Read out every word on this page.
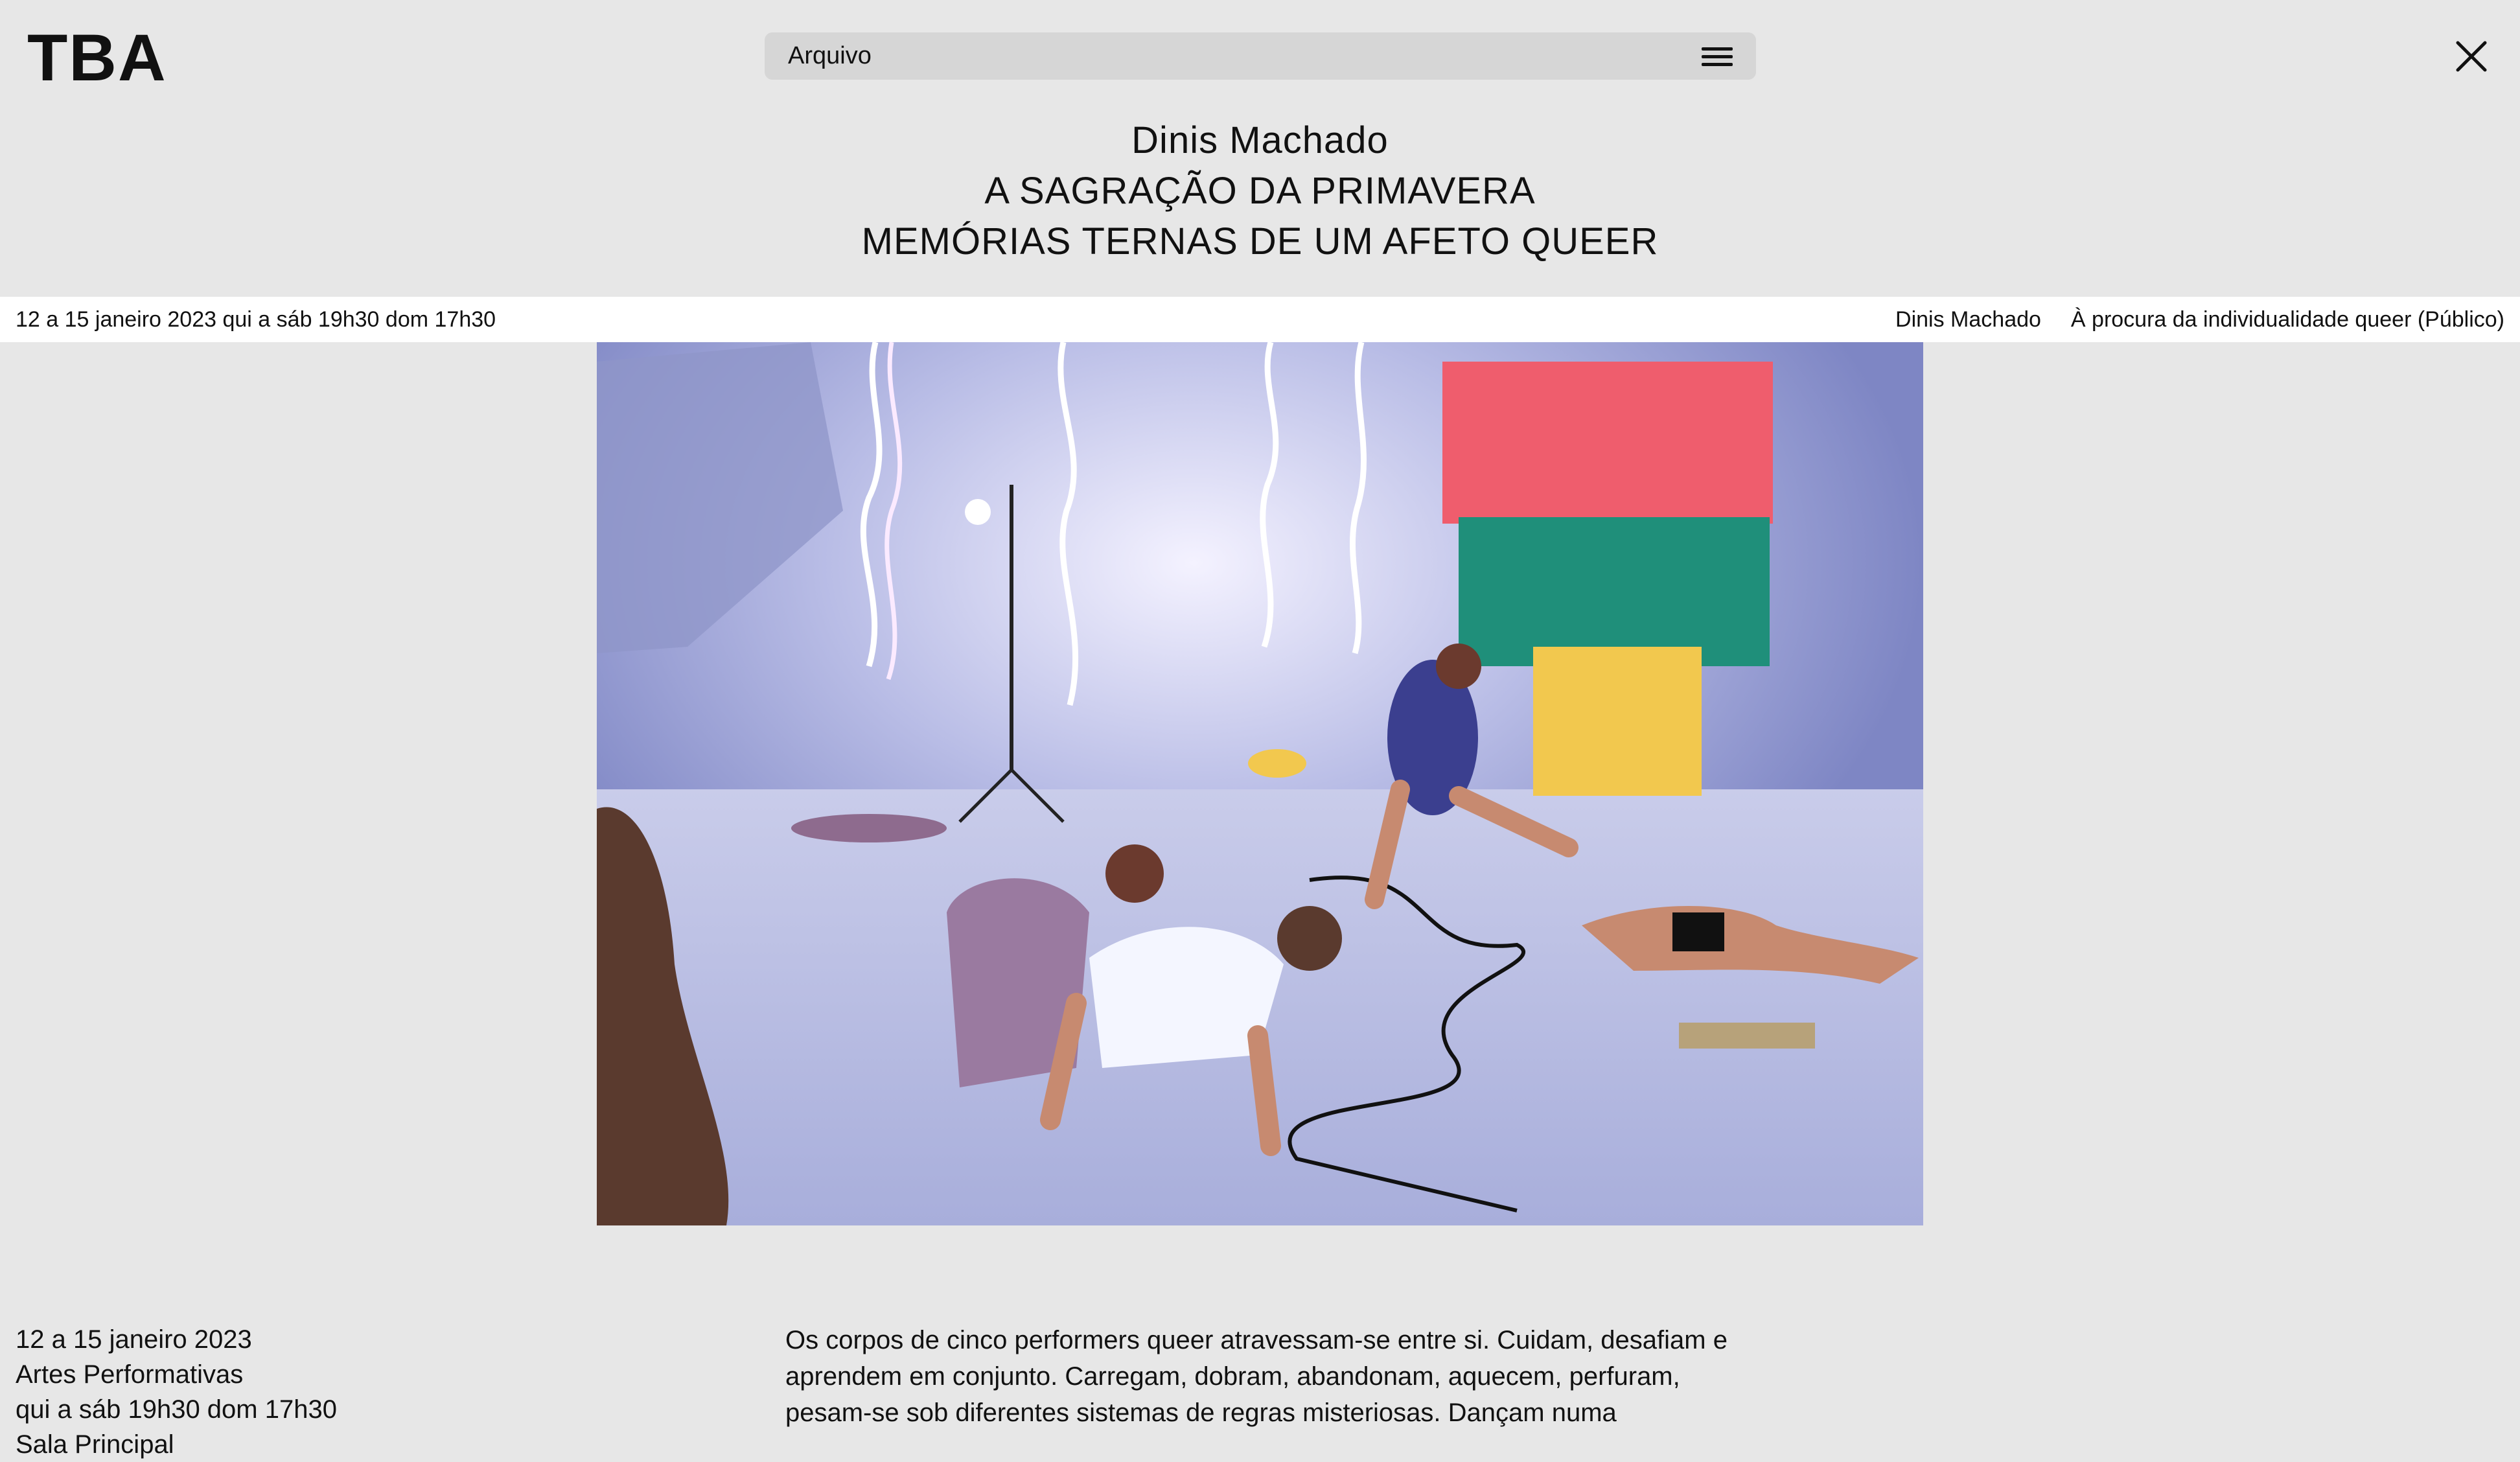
TBA	Arquivo
Dinis Machado
A SAGRAÇÃO DA PRIMAVERA
MEMÓRIAS TERNAS DE UM AFETO QUEER
12 a 15 janeiro 2023 qui a sáb 19h30 dom 17h30	Dinis Machado À procura da individualidade queer (Público)
12 a 15 janeiro 2023
Artes Performativas
qui a sáb 19h30 dom 17h30
Sala Principal
Os corpos de cinco performers queer atravessam-se entre si. Cuidam, desafiam e
aprendem em conjunto. Carregam, dobram, abandonam, aquecem, perfuram,
pesam-se sob diferentes sistemas de regras misteriosas. Dançam numa
